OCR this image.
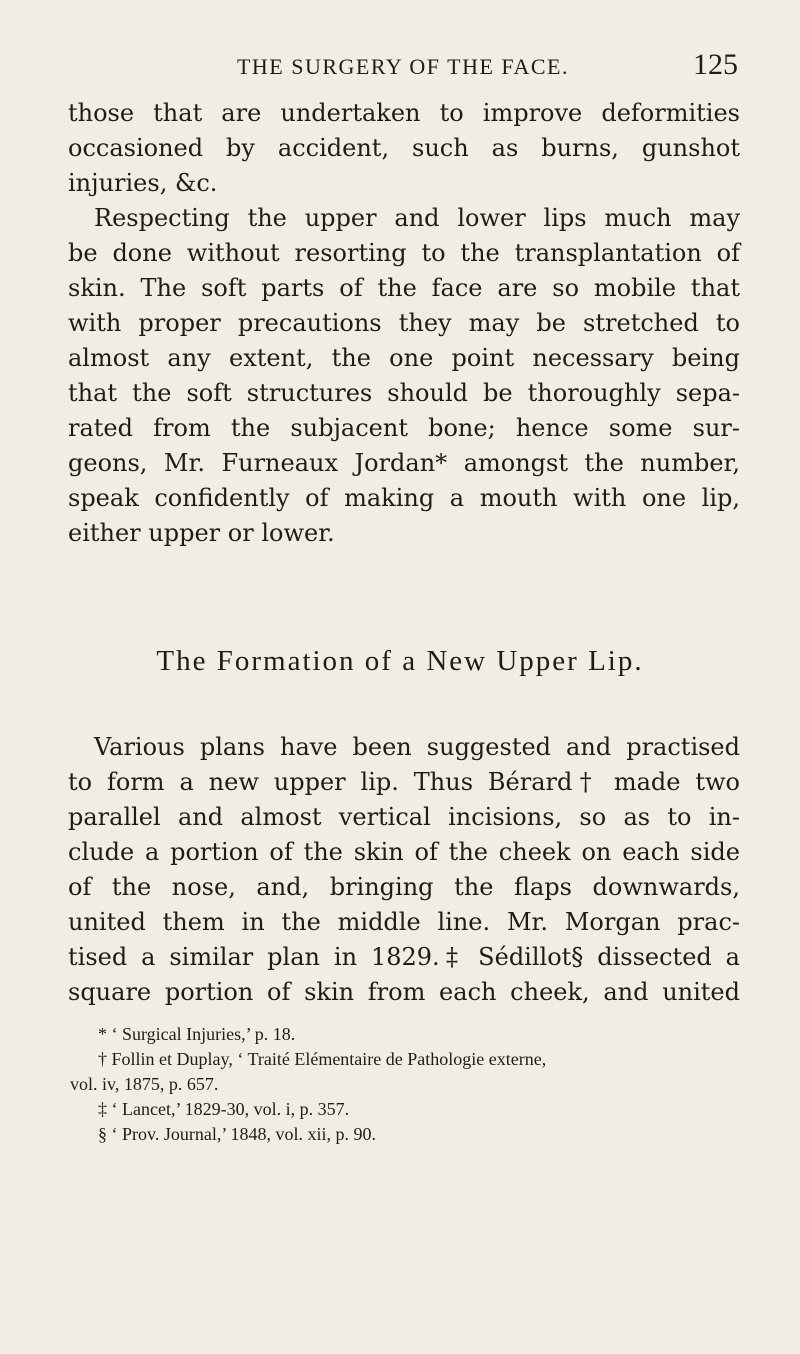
THE SURGERY OF THE FACE.	125
those that are undertaken to improve deformities
occasioned by accident, such as burns, gunshot
injuries, &c.
Respecting the upper and lower lips much may
be done without resorting to the transplantation of
skin. The soft parts of the face are so mobile that
with proper precautions they may be stretched to
almost any extent, the one point necessary being
that the soft structures should be thoroughly sepa-
rated from the subjacent bone; hence some sur-
geons, Mr. Furneaux Jordan* amongst the number,
speak confidently of making a mouth with one lip,
either upper or lower.
The Formation of a New Upper Lip.
Various plans have been suggested and practised
to form a new upper lip. Thus Bérard† made two
parallel and almost vertical incisions, so as to in-
clude a portion of the skin of the cheek on each side
of the nose, and, bringing the flaps downwards,
united them in the middle line. Mr. Morgan prac-
tised a similar plan in 1829.‡ Sédillot§ dissected a
square portion of skin from each cheek, and united
* ‘ Surgical Injuries,’ p. 18.
† Follin et Duplay, ‘ Traité Elémentaire de Pathologie externe,
vol. iv, 1875, p. 657.
‡ ‘ Lancet,’ 1829-30, vol. i, p. 357.
§ ‘ Prov. Journal,’ 1848, vol. xii, p. 90.
